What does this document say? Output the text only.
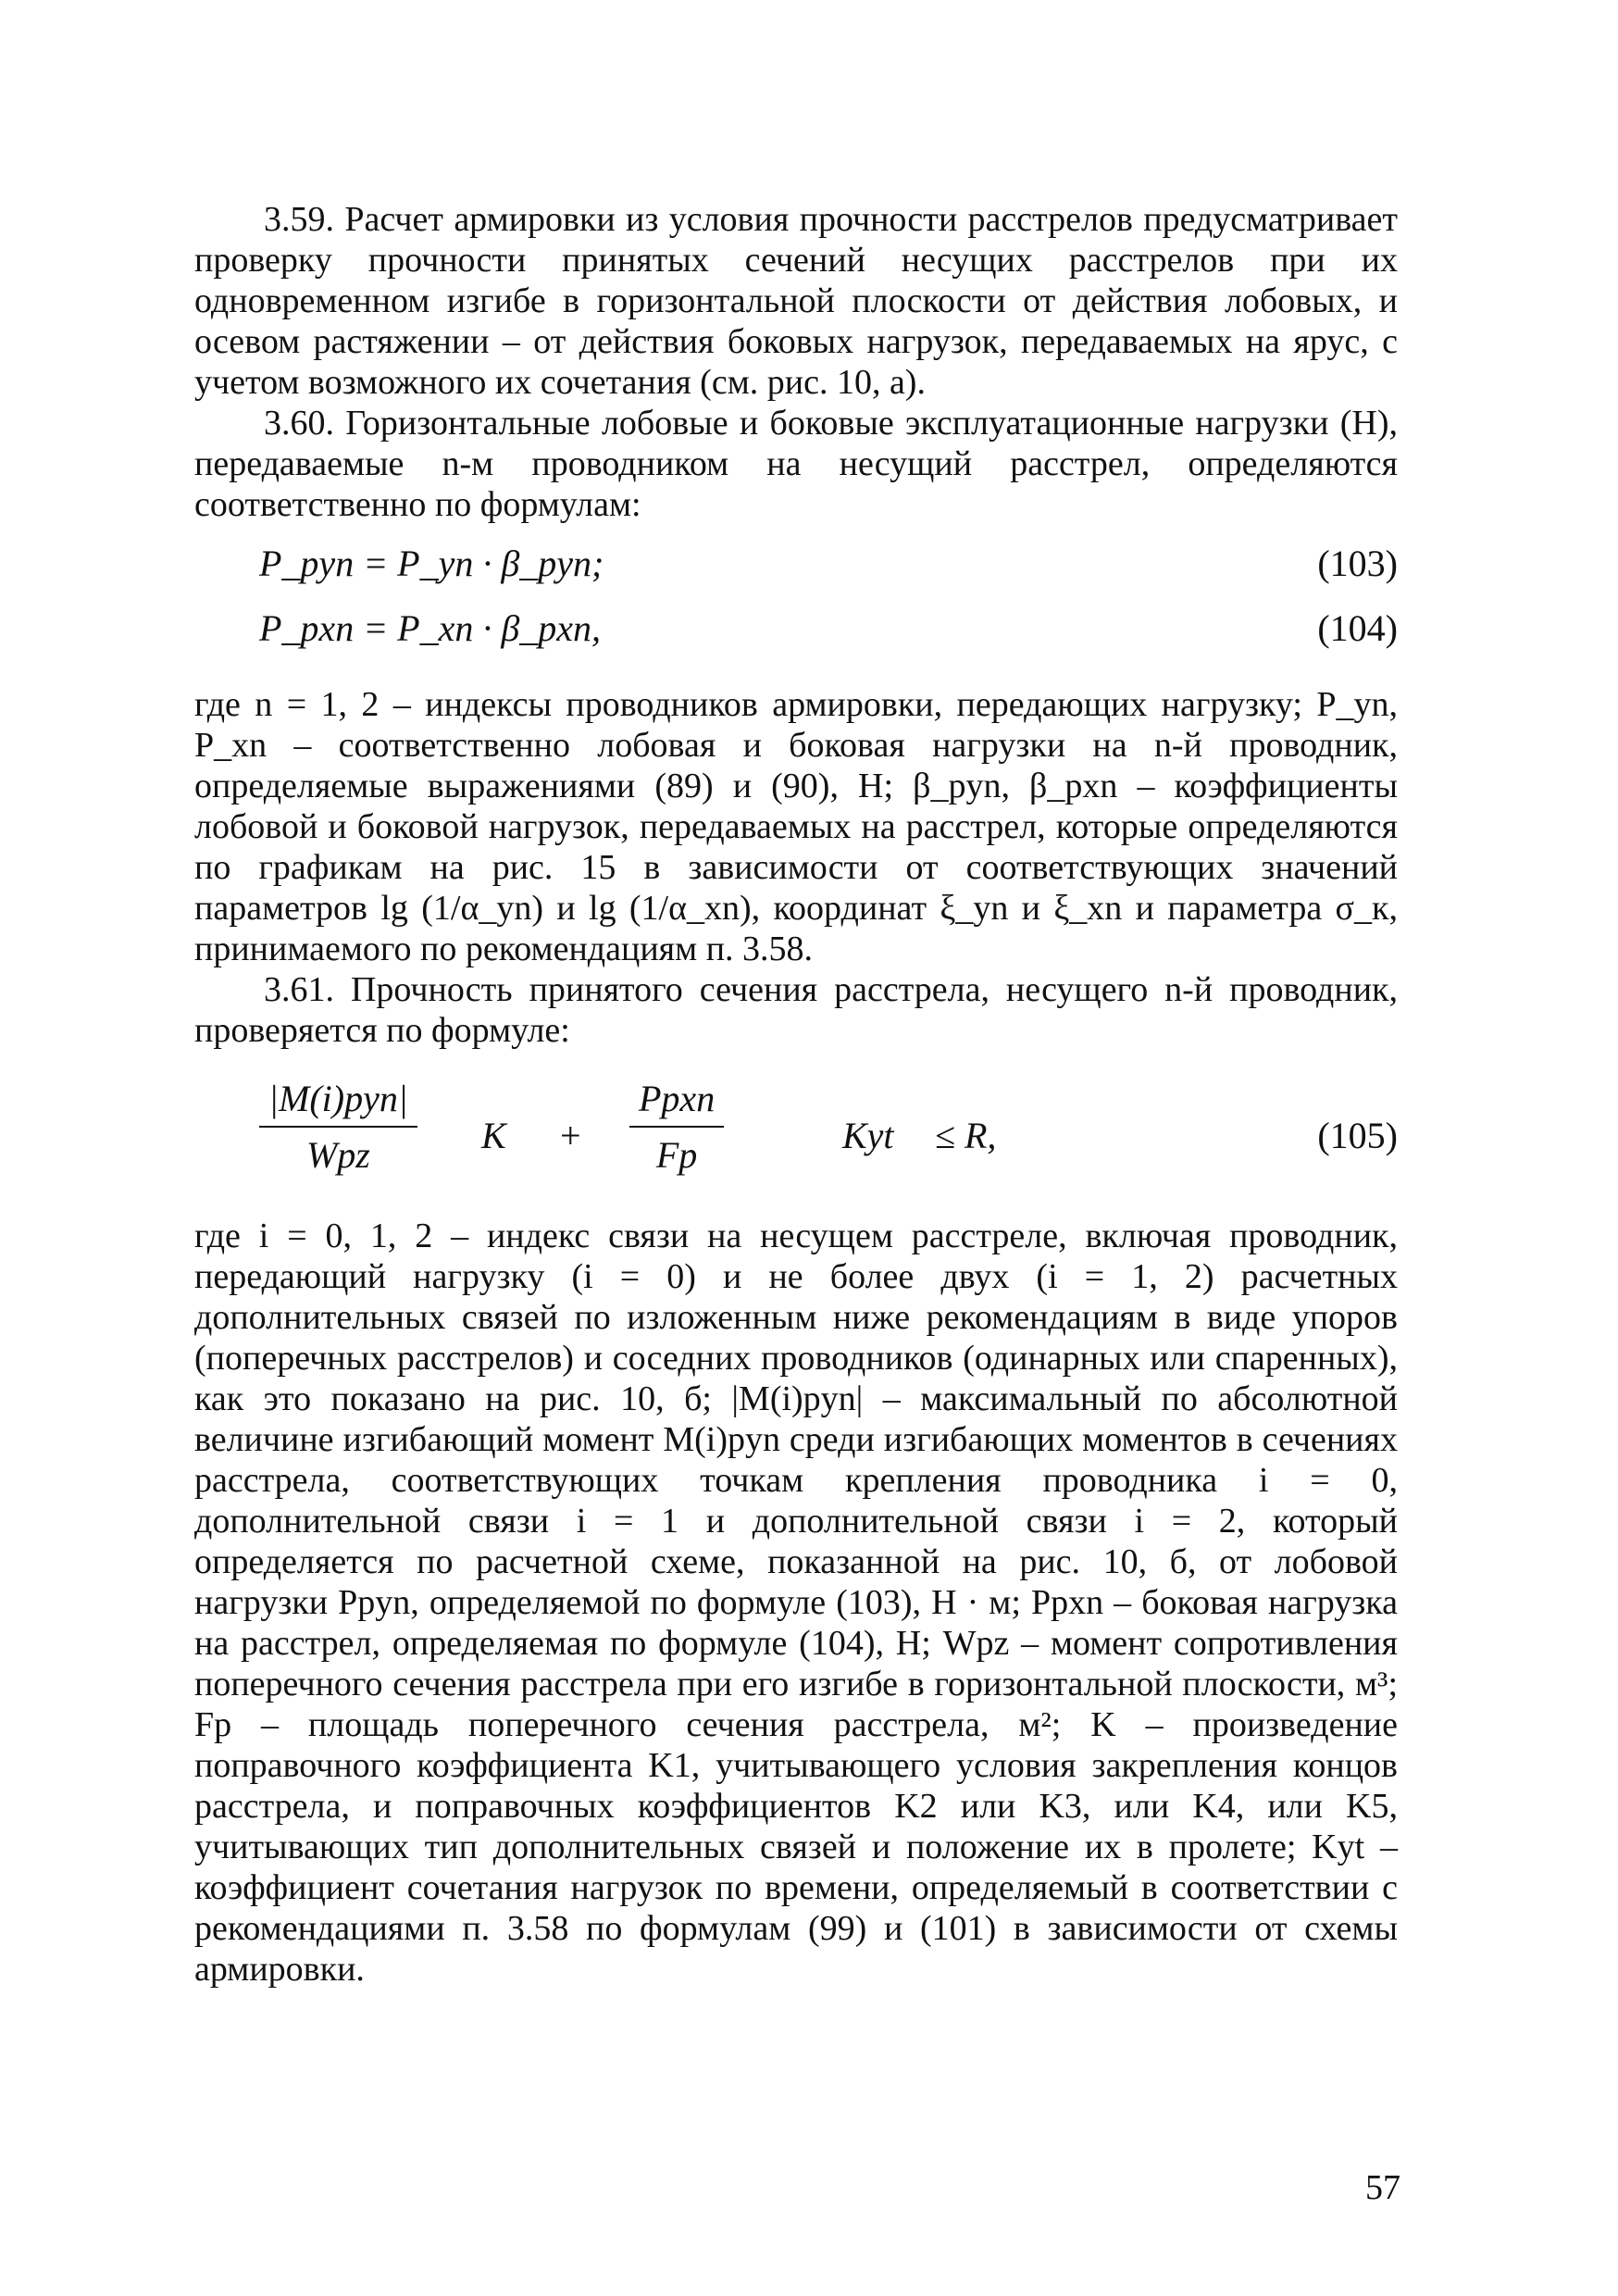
3.59. Расчет армировки из условия прочности расстрелов предусматривает проверку прочности принятых сечений несущих расстрелов при их одновременном изгибе в горизонтальной плоскости от действия лобовых, и осевом растяжении – от действия боковых нагрузок, передаваемых на ярус, с учетом возможного их сочетания (см. рис. 10, а).

3.60. Горизонтальные лобовые и боковые эксплуатационные нагрузки (Н), передаваемые n-м проводником на несущий расстрел, определяются соответственно по формулам:

P_pyn = P_yn · β_pyn;	(103)
P_pxn = P_xn · β_pxn,	(104)

где n = 1, 2 – индексы проводников армировки, передающих нагрузку; P_yn, P_xn – соответственно лобовая и боковая нагрузки на n-й проводник, определяемые выражениями (89) и (90), Н; β_pyn, β_pxn – коэффициенты лобовой и боковой нагрузок, передаваемых на расстрел, которые определяются по графикам на рис. 15 в зависимости от соответствующих значений параметров lg (1/α_yn) и lg (1/α_xn), координат ξ_yn и ξ_xn и параметра σ_к, принимаемого по рекомендациям п. 3.58.

3.61. Прочность принятого сечения расстрела, несущего n-й проводник, проверяется по формуле:

|M(i)pyn|
Wpz	K +
Ppxn
Fp	Kyt ≤ R,	(105)

где i = 0, 1, 2 – индекс связи на несущем расстреле, включая проводник, передающий нагрузку (i = 0) и не более двух (i = 1, 2) расчетных дополнительных связей по изложенным ниже рекомендациям в виде упоров (поперечных расстрелов) и соседних проводников (одинарных или спаренных), как это показано на рис. 10, б; |M(i)pyn| – максимальный по абсолютной величине изгибающий момент M(i)pyn среди изгибающих моментов в сечениях расстрела, соответствующих точкам крепления проводника i = 0, дополнительной связи i = 1 и дополнительной связи i = 2, который определяется по расчетной схеме, показанной на рис. 10, б, от лобовой нагрузки Ppyn, определяемой по формуле (103), Н · м; Ppxn – боковая нагрузка на расстрел, определяемая по формуле (104), Н; Wpz – момент сопротивления поперечного сечения расстрела при его изгибе в горизонтальной плоскости, м³; Fp – площадь поперечного сечения расстрела, м²; K – произведение поправочного коэффициента K1, учитывающего условия закрепления концов расстрела, и поправочных коэффициентов K2 или K3, или K4, или K5, учитывающих тип дополнительных связей и положение их в пролете; Kyt – коэффициент сочетания нагрузок по времени, определяемый в соответствии с рекомендациями п. 3.58 по формулам (99) и (101) в зависимости от схемы армировки.

57
